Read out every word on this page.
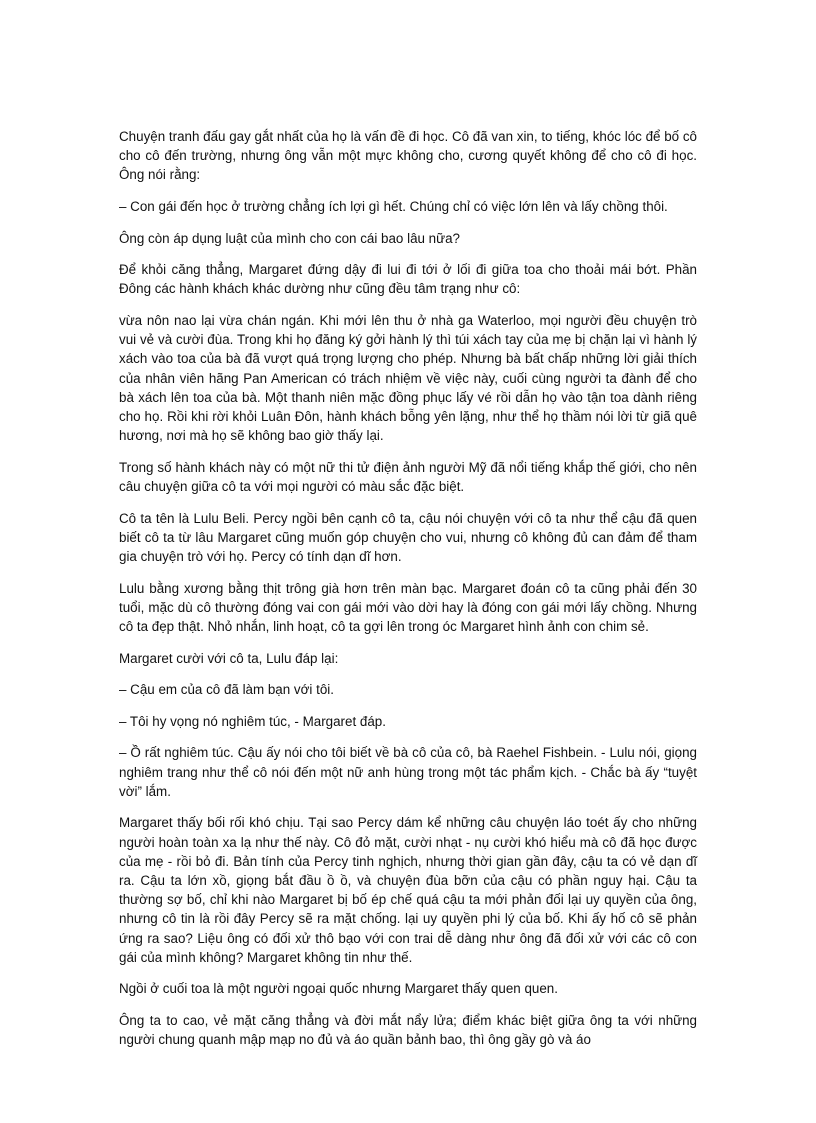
Chuyện tranh đấu gay gắt nhất của họ là vấn đề đi học. Cô đã van xin, to tiếng, khóc lóc để bố cô cho cô đến trường, nhưng ông vẫn một mực không cho, cương quyết không để cho cô đi học. Ông nói rằng:

– Con gái đến học ở trường chẳng ích lợi gì hết. Chúng chỉ có việc lớn lên và lấy chồng thôi.

Ông còn áp dụng luật của mình cho con cái bao lâu nữa?

Để khỏi căng thẳng, Margaret đứng dậy đi lui đi tới ở lối đi giữa toa cho thoải mái bớt. Phần Đông các hành khách khác dường như cũng đều tâm trạng như cô:

vừa nôn nao lại vừa chán ngán. Khi mới lên thu ở nhà ga Waterloo, mọi người đều chuyện trò vui vẻ và cười đùa. Trong khi họ đăng ký gởi hành lý thì túi xách tay của mẹ bị chặn lại vì hành lý xách vào toa của bà đã vượt quá trọng lượng cho phép. Nhưng bà bất chấp những lời giải thích của nhân viên hãng Pan American có trách nhiệm về việc này, cuối cùng người ta đành để cho bà xách lên toa của bà. Một thanh niên mặc đồng phục lấy vé rồi dẫn họ vào tận toa dành riêng cho họ. Rồi khi rời khỏi Luân Đôn, hành khách bỗng yên lặng, như thể họ thầm nói lời từ giã quê hương, nơi mà họ sẽ không bao giờ thấy lại.

Trong số hành khách này có một nữ thi tử điện ảnh người Mỹ đã nổi tiếng khắp thế giới, cho nên câu chuyện giữa cô ta với mọi người có màu sắc đặc biệt.

Cô ta tên là Lulu Beli. Percy ngồi bên cạnh cô ta, cậu nói chuyện với cô ta như thể cậu đã quen biết cô ta từ lâu Margaret cũng muốn góp chuyện cho vui, nhưng cô không đủ can đảm để tham gia chuyện trò với họ. Percy có tính dạn dĩ hơn.

Lulu bằng xương bằng thịt trông già hơn trên màn bạc. Margaret đoán cô ta cũng phải đến 30 tuổi, mặc dù cô thường đóng vai con gái mới vào dời hay là đóng con gái mới lấy chồng. Nhưng cô ta đẹp thật. Nhỏ nhắn, linh hoạt, cô ta gợi lên trong óc Margaret hình ảnh con chim sẻ.

Margaret cười với cô ta, Lulu đáp lại:

– Cậu em của cô đã làm bạn với tôi.

– Tôi hy vọng nó nghiêm túc, - Margaret đáp.

– Ồ rất nghiêm túc. Cậu ấy nói cho tôi biết về bà cô của cô, bà Raehel Fishbein. - Lulu nói, giọng nghiêm trang như thể cô nói đến một nữ anh hùng trong một tác phẩm kịch. - Chắc bà ấy “tuyệt vời” lắm.

Margaret thấy bối rối khó chịu. Tại sao Percy dám kể những câu chuyện láo toét ấy cho những người hoàn toàn xa lạ như thế này. Cô đỏ mặt, cười nhạt - nụ cười khó hiểu mà cô đã học được của mẹ - rồi bỏ đi. Bản tính của Percy tinh nghịch, nhưng thời gian gần đây, cậu ta có vẻ dạn dĩ ra. Cậu ta lớn xồ, giọng bắt đầu ồ ồ, và chuyện đùa bỡn của cậu có phần nguy hại. Cậu ta thường sợ bố, chỉ khi nào Margaret bị bố ép chế quá cậu ta mới phản đối lại uy quyền của ông, nhưng cô tin là rồi đây Percy sẽ ra mặt chống. lại uy quyền phi lý của bố. Khi ấy hố cô sẽ phản ứng ra sao? Liệu ông có đối xử thô bạo với con trai dễ dàng như ông đã đối xử với các cô con gái của mình không? Margaret không tin như thế.

Ngồi ở cuối toa là một người ngoại quốc nhưng Margaret thấy quen quen.

Ông ta to cao, vẻ mặt căng thẳng và đời mắt nẩy lửa; điểm khác biệt giữa ông ta với những người chung quanh mập mạp no đủ và áo quần bảnh bao, thì ông gầy gò và áo
